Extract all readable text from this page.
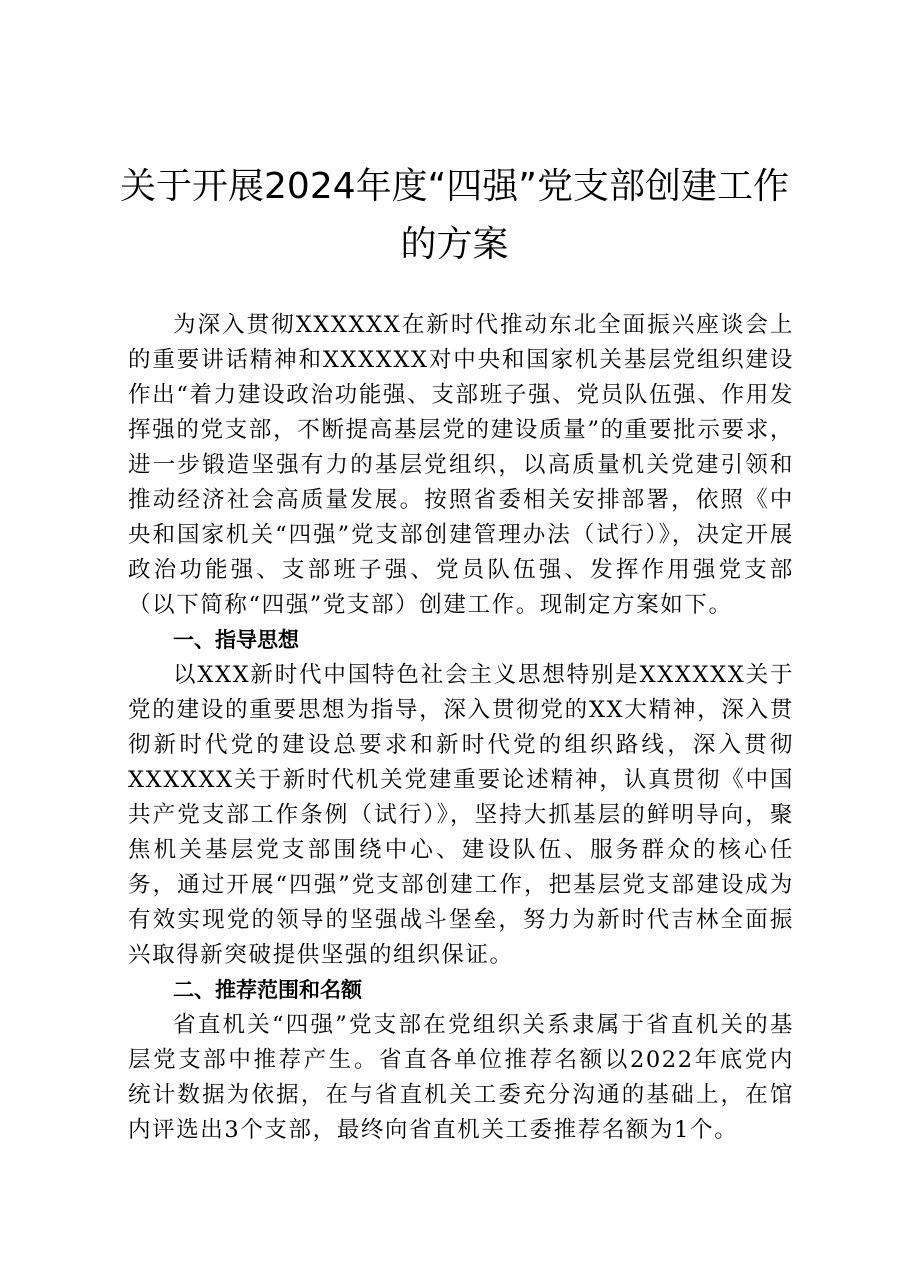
关于开展2024年度“四强”党支部创建工作
的方案

为深入贯彻XXXXXX在新时代推动东北全面振兴座谈会上的重要讲话精神和XXXXXX对中央和国家机关基层党组织建设作出“着力建设政治功能强、支部班子强、党员队伍强、作用发挥强的党支部，不断提高基层党的建设质量”的重要批示要求，进一步锻造坚强有力的基层党组织，以高质量机关党建引领和推动经济社会高质量发展。按照省委相关安排部署，依照《中央和国家机关“四强”党支部创建管理办法（试行）》，决定开展政治功能强、支部班子强、党员队伍强、发挥作用强党支部（以下简称“四强”党支部）创建工作。现制定方案如下。

一、指导思想

以XXX新时代中国特色社会主义思想特别是XXXXXX关于党的建设的重要思想为指导，深入贯彻党的XX大精神，深入贯彻新时代党的建设总要求和新时代党的组织路线，深入贯彻XXXXXX关于新时代机关党建重要论述精神，认真贯彻《中国共产党支部工作条例（试行）》，坚持大抓基层的鲜明导向，聚焦机关基层党支部围绕中心、建设队伍、服务群众的核心任务，通过开展“四强”党支部创建工作，把基层党支部建设成为有效实现党的领导的坚强战斗堡垒，努力为新时代吉林全面振兴取得新突破提供坚强的组织保证。

二、推荐范围和名额

省直机关“四强”党支部在党组织关系隶属于省直机关的基层党支部中推荐产生。省直各单位推荐名额以2022年底党内统计数据为依据，在与省直机关工委充分沟通的基础上，在馆内评选出3个支部，最终向省直机关工委推荐名额为1个。
